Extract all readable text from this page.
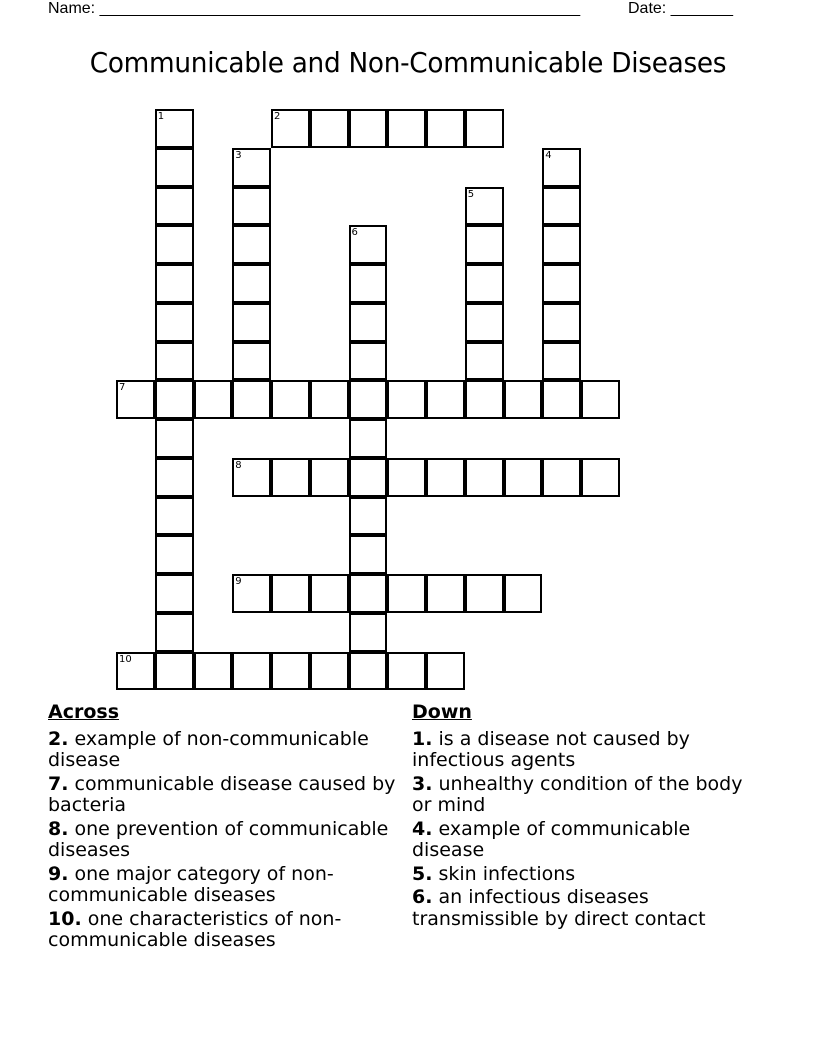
Name: ______________________________________________________	Date: _______
Communicable and Non-Communicable Diseases
1	2
3	4
5
6
7
8
9
10
Across
2. example of non-communicable disease
7. communicable disease caused by bacteria
8. one prevention of communicable diseases
9. one major category of non-communicable diseases
10. one characteristics of non-communicable diseases
Down
1. is a disease not caused by infectious agents
3. unhealthy condition of the body or mind
4. example of communicable disease
5. skin infections
6. an infectious diseases transmissible by direct contact
